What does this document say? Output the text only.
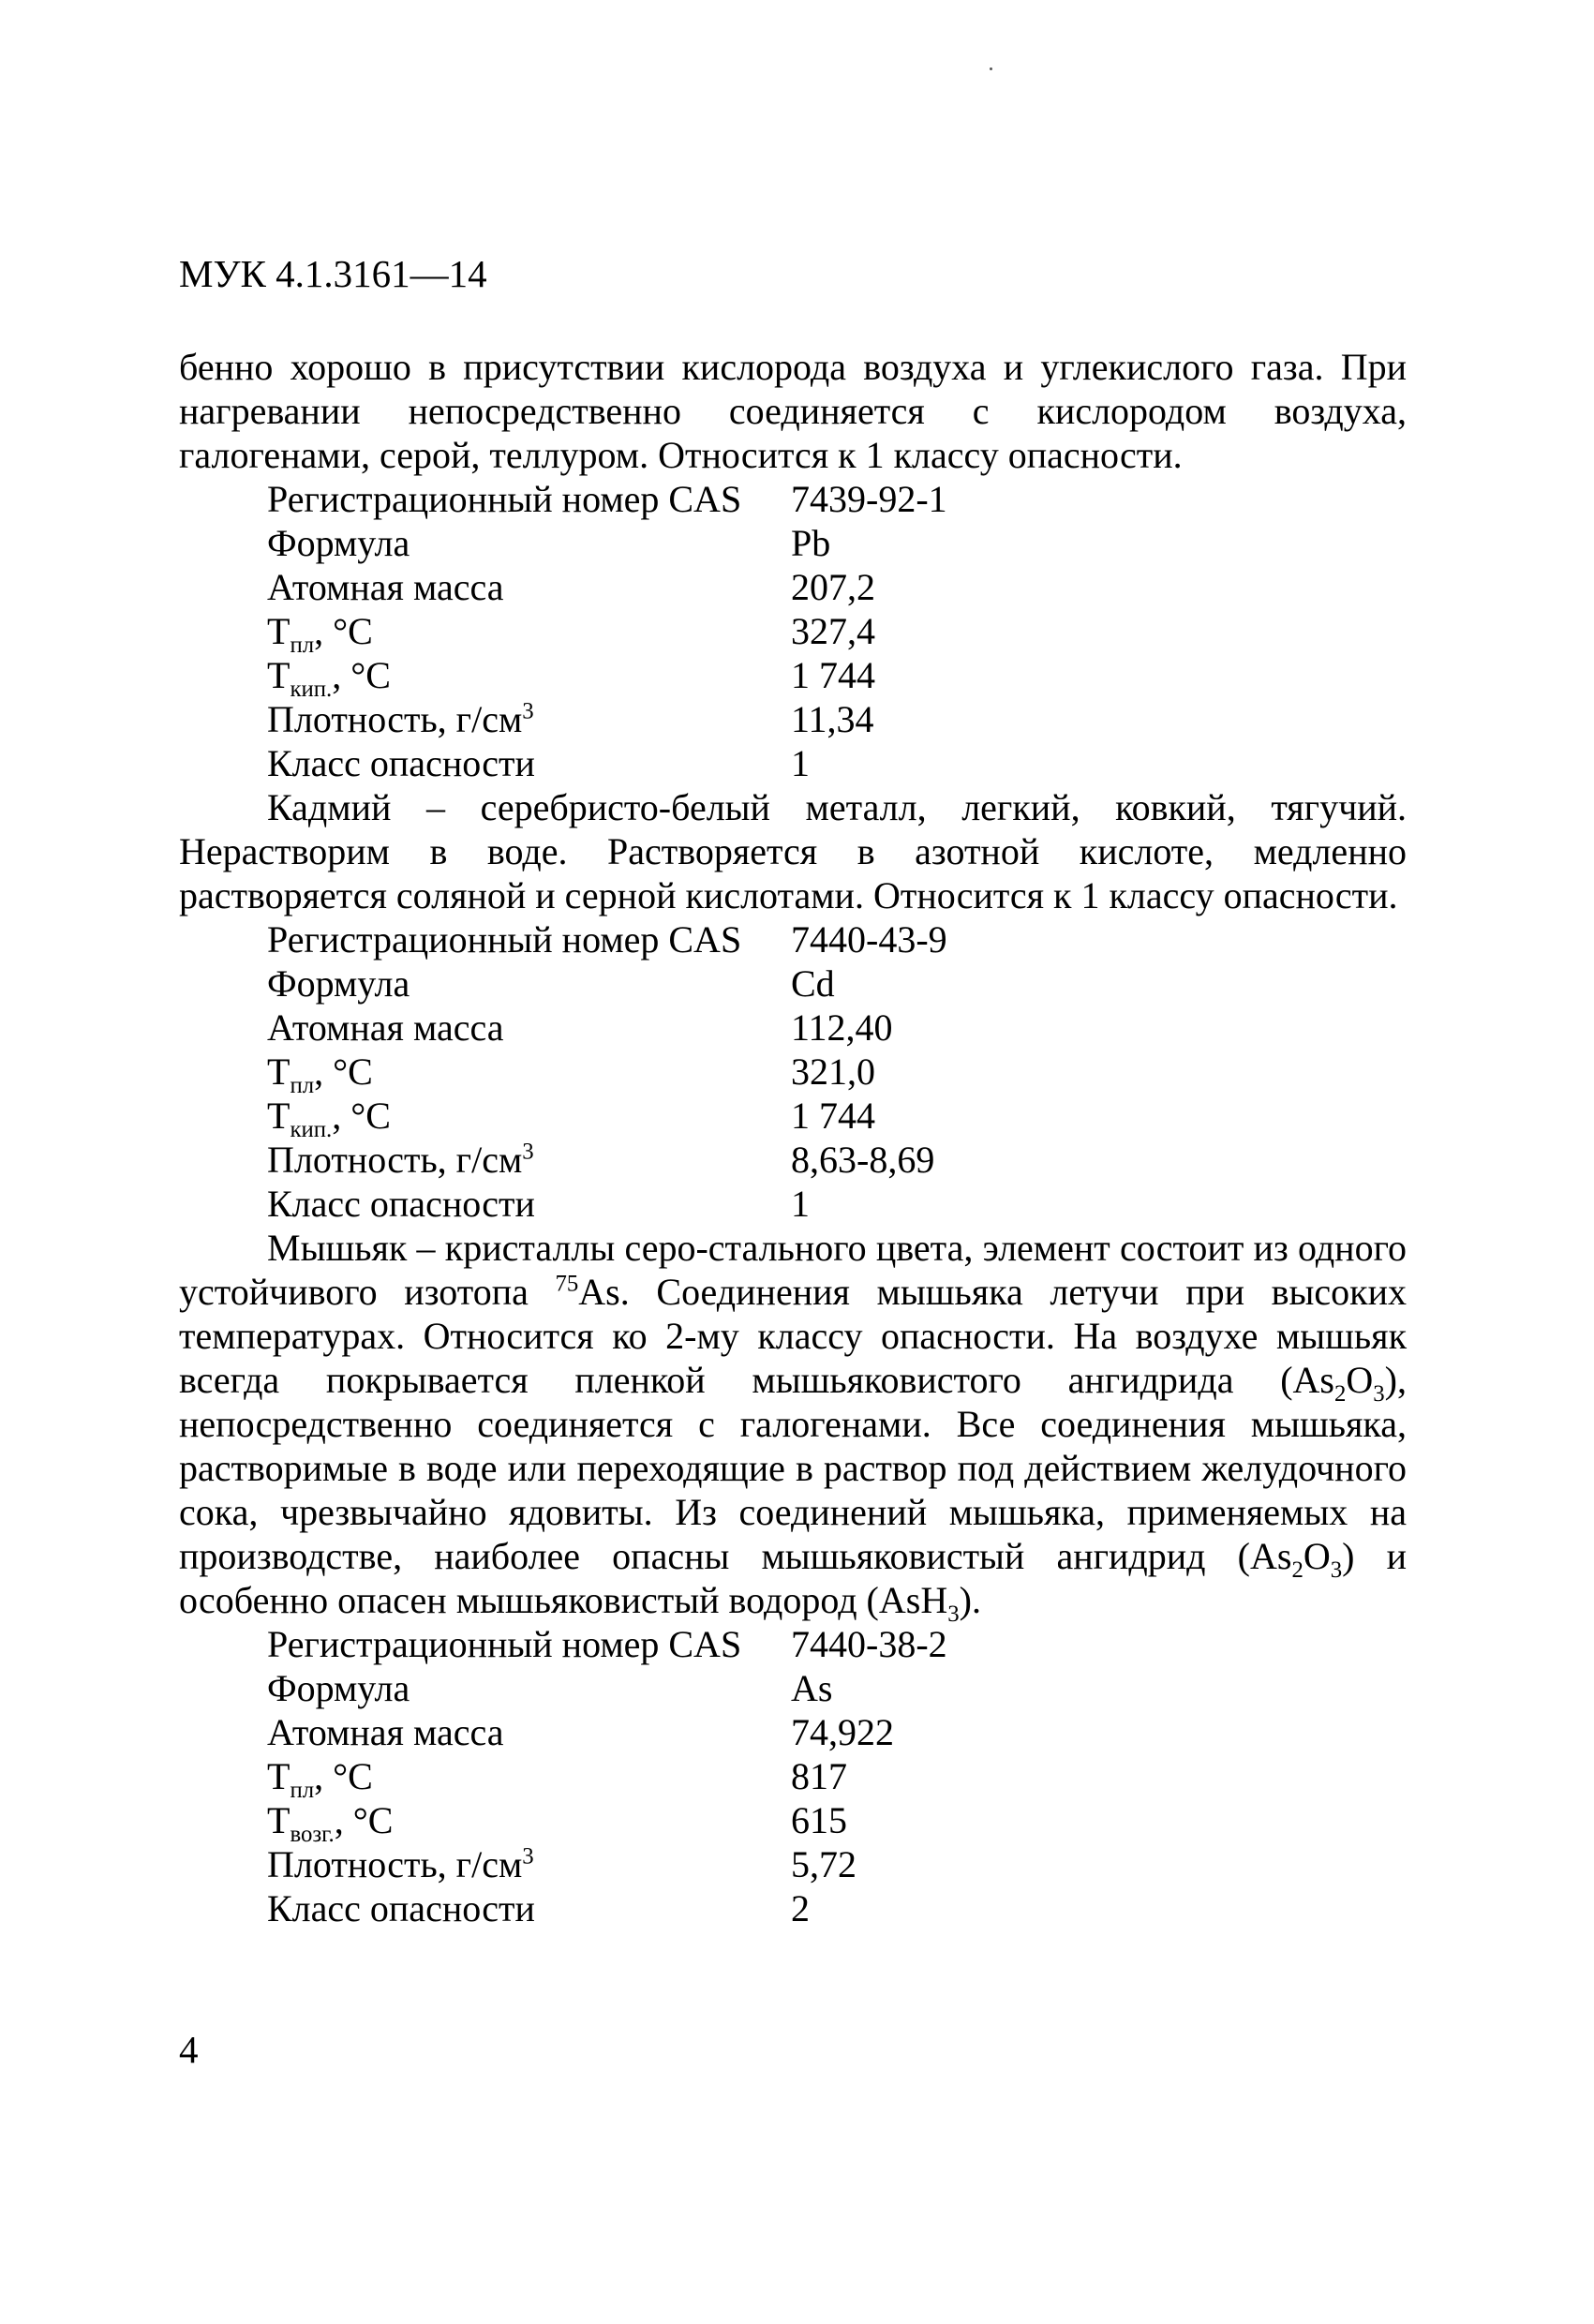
МУК 4.1.3161—14

бенно хорошо в присутствии кислорода воздуха и углекислого газа. При нагревании непосредственно соединяется с кислородом воздуха, галогенами, серой, теллуром. Относится к 1 классу опасности.

Регистрационный номер CAS	7439-92-1
Формула	Pb
Атомная масса	207,2
$Т_{пл}$, °С	327,4
$Т_{кип.}$, °С	1 744
Плотность, $г/см^3$	11,34
Класс опасности	1

Кадмий – серебристо-белый металл, легкий, ковкий, тягучий. Нерастворим в воде. Растворяется в азотной кислоте, медленно растворяется соляной и серной кислотами. Относится к 1 классу опасности.

Регистрационный номер CAS	7440-43-9
Формула	Cd
Атомная масса	112,40
$Т_{пл}$, °С	321,0
$Т_{кип.}$, °С	1 744
Плотность, $г/см^3$	8,63-8,69
Класс опасности	1

Мышьяк – кристаллы серо-стального цвета, элемент состоит из одного устойчивого изотопа $^{75}$As. Соединения мышьяка летучи при высоких температурах. Относится ко 2-му классу опасности. На воздухе мышьяк всегда покрывается пленкой мышьяковистого ангидрида $(As_2O_3)$, непосредственно соединяется с галогенами. Все соединения мышьяка, растворимые в воде или переходящие в раствор под действием желудочного сока, чрезвычайно ядовиты. Из соединений мышьяка, применяемых на производстве, наиболее опасны мышьяковистый ангидрид $(As_2O_3)$ и особенно опасен мышьяковистый водород (AsH$_3$).

Регистрационный номер CAS	7440-38-2
Формула	As
Атомная масса	74,922
$Т_{пл}$, °С	817
$Т_{возг.}$, °С	615
Плотность, $г/см^3$	5,72
Класс опасности	2
4
